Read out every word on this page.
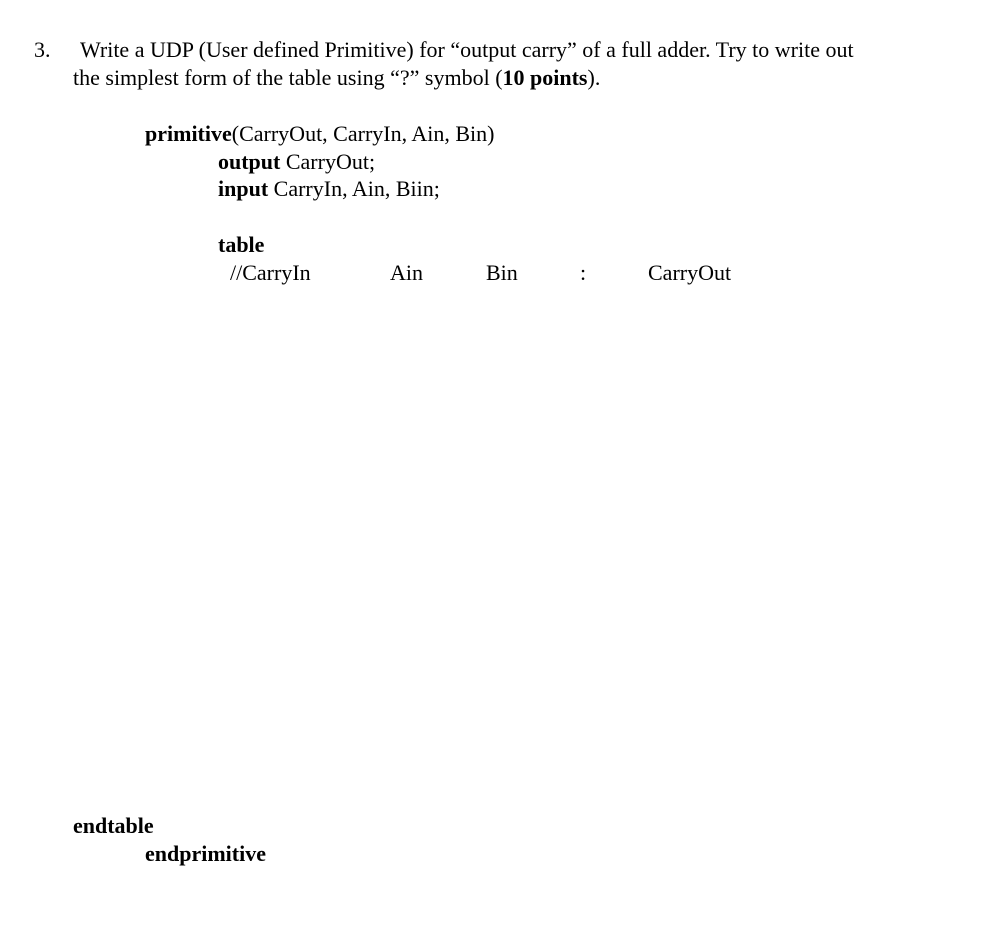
3. Write a UDP (User defined Primitive) for “output carry” of a full adder. Try to write out
the simplest form of the table using “?” symbol (10 points).
primitive(CarryOut, CarryIn, Ain, Bin)
output CarryOut;
input CarryIn, Ain, Biin;
table
//CarryIn	Ain	Bin	:	CarryOut
endtable
endprimitive
